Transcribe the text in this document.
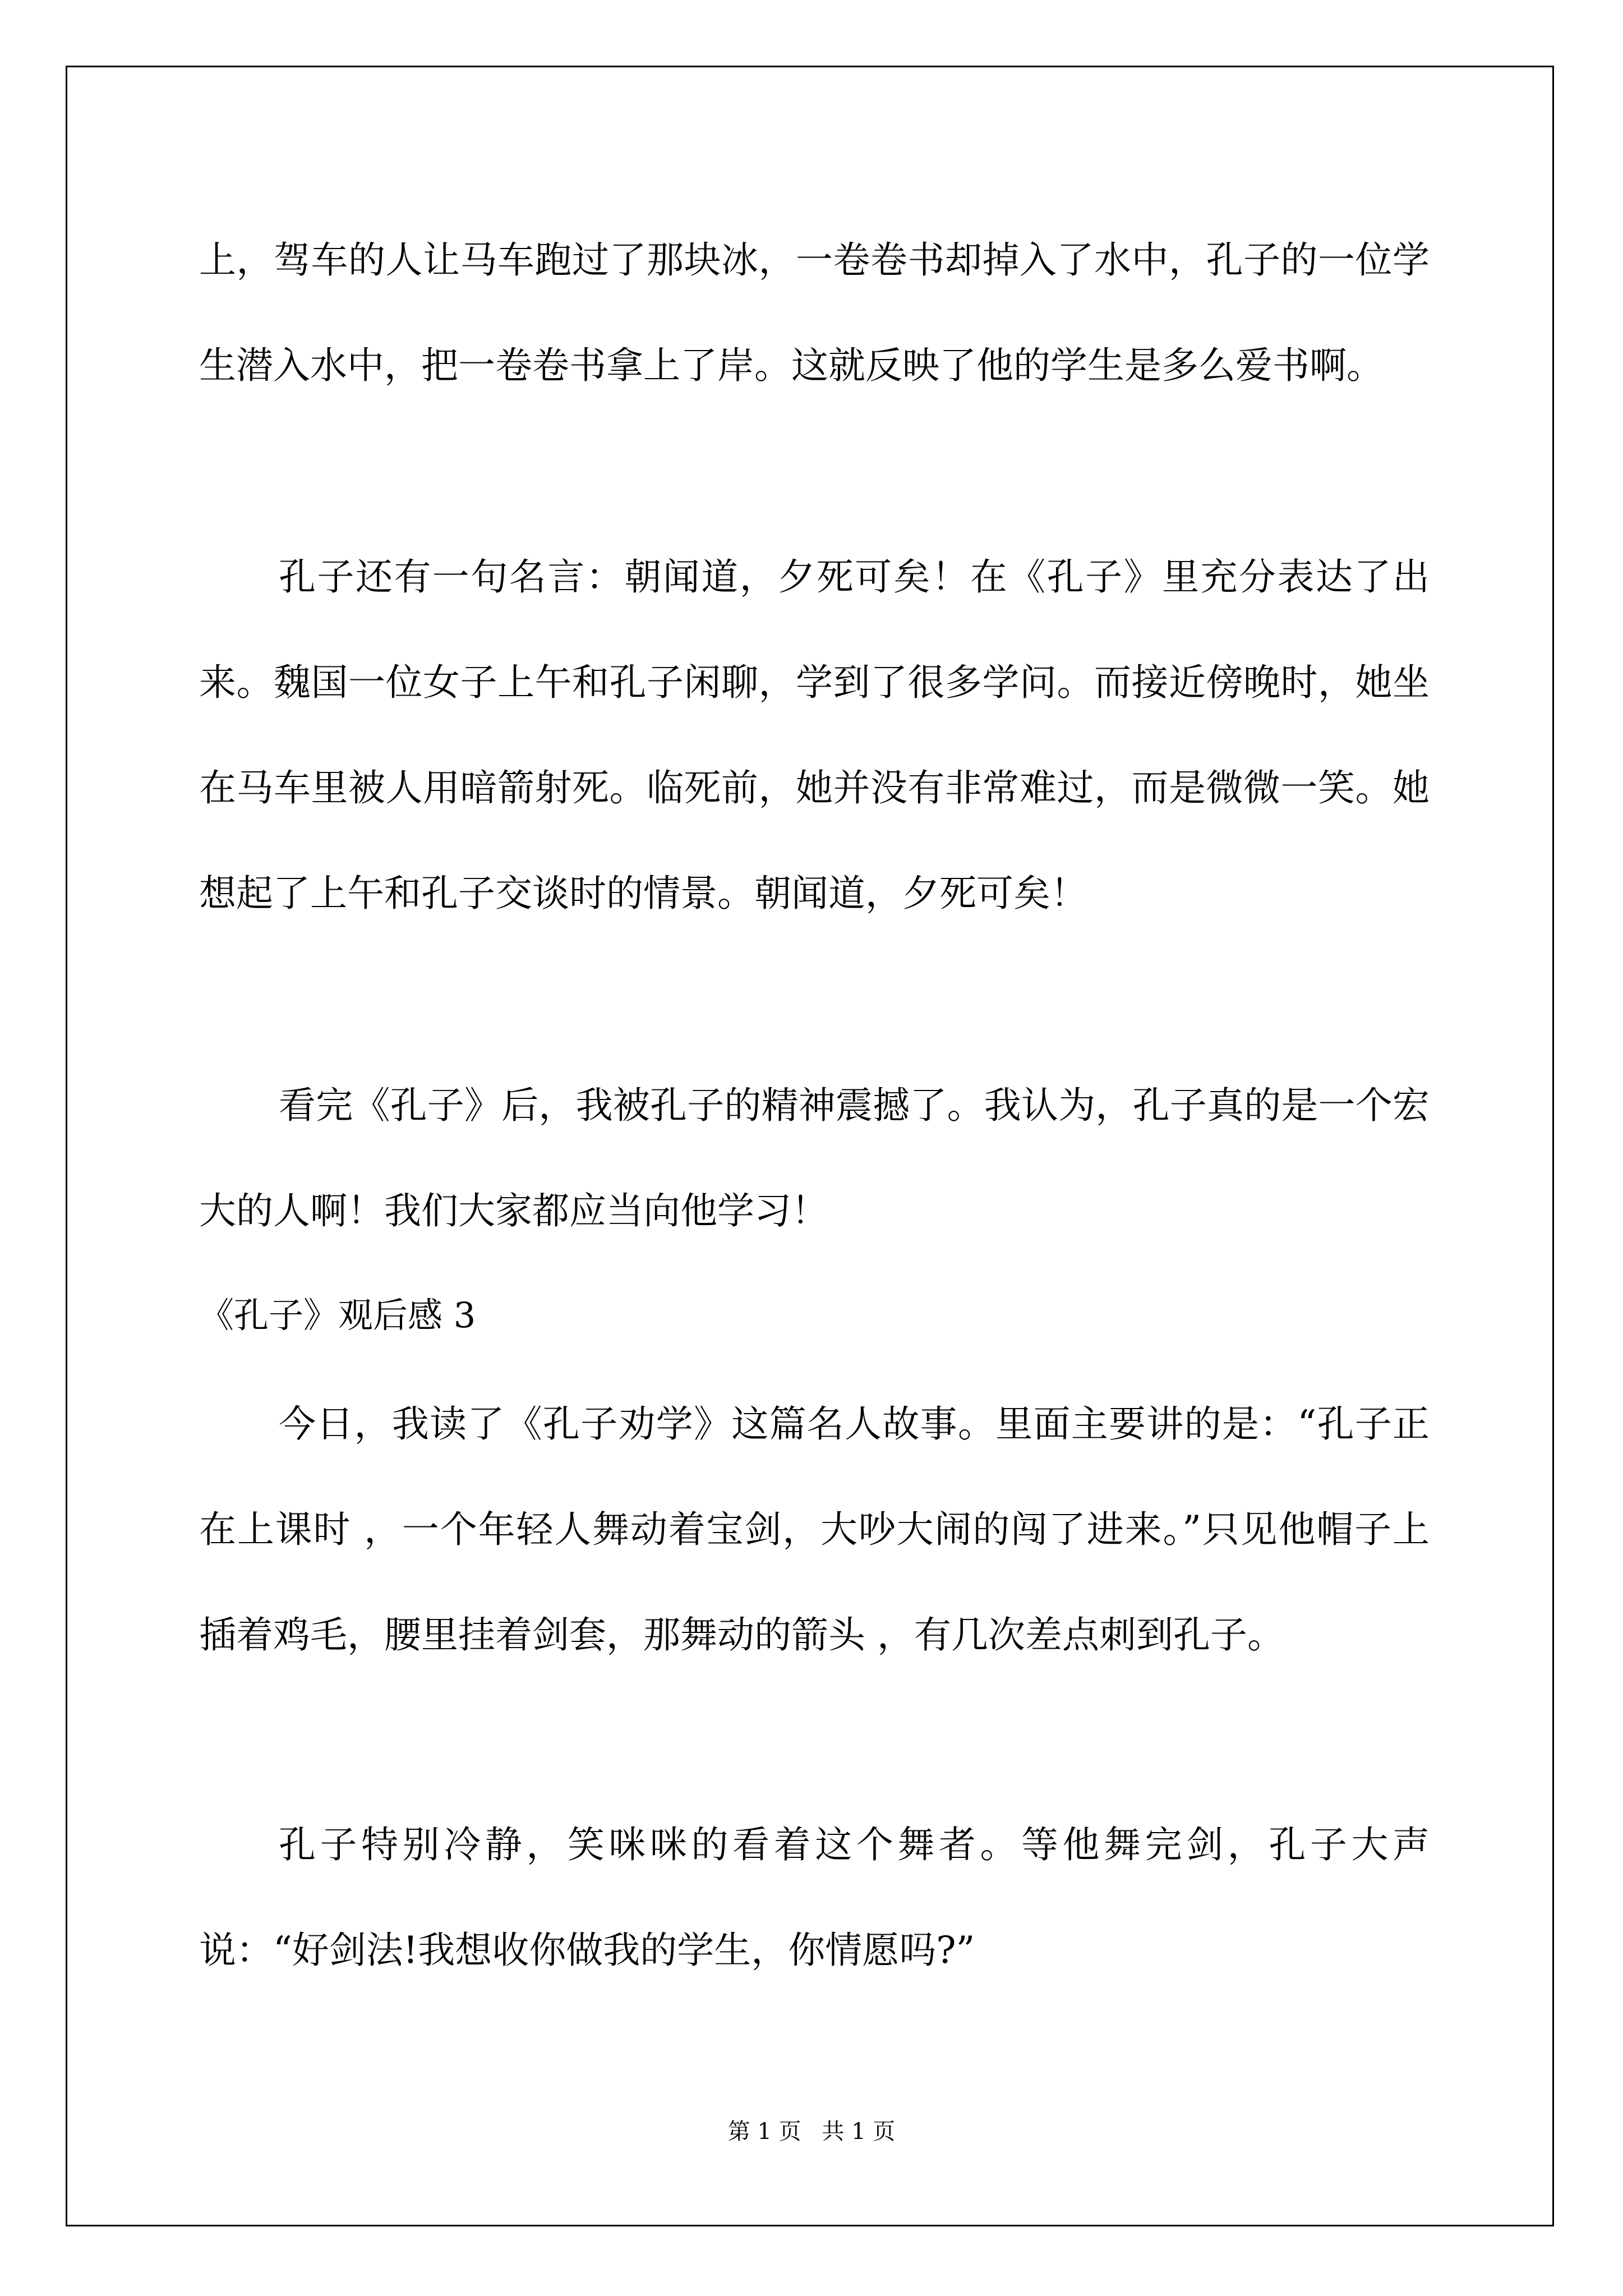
上，驾车的人让马车跑过了那块冰，一卷卷书却掉入了水中，孔子的一位学生潜入水中，把一卷卷书拿上了岸。这就反映了他的学生是多么爱书啊。

孔子还有一句名言：朝闻道，夕死可矣！在《孔子》里充分表达了出来。魏国一位女子上午和孔子闲聊，学到了很多学问。而接近傍晚时，她坐在马车里被人用暗箭射死。临死前，她并没有非常难过，而是微微一笑。她想起了上午和孔子交谈时的情景。朝闻道，夕死可矣！

看完《孔子》后，我被孔子的精神震撼了。我认为，孔子真的是一个宏大的人啊！我们大家都应当向他学习！

《孔子》观后感 3

今日，我读了《孔子劝学》这篇名人故事。里面主要讲的是：“孔子正在上课时 ，一个年轻人舞动着宝剑，大吵大闹的闯了进来。”只见他帽子上插着鸡毛，腰里挂着剑套，那舞动的箭头 ，有几次差点刺到孔子。

孔子特别冷静，笑咪咪的看着这个舞者。等他舞完剑，孔子大声说：“好剑法!我想收你做我的学生，你情愿吗?”

第 1 页 共 1 页
